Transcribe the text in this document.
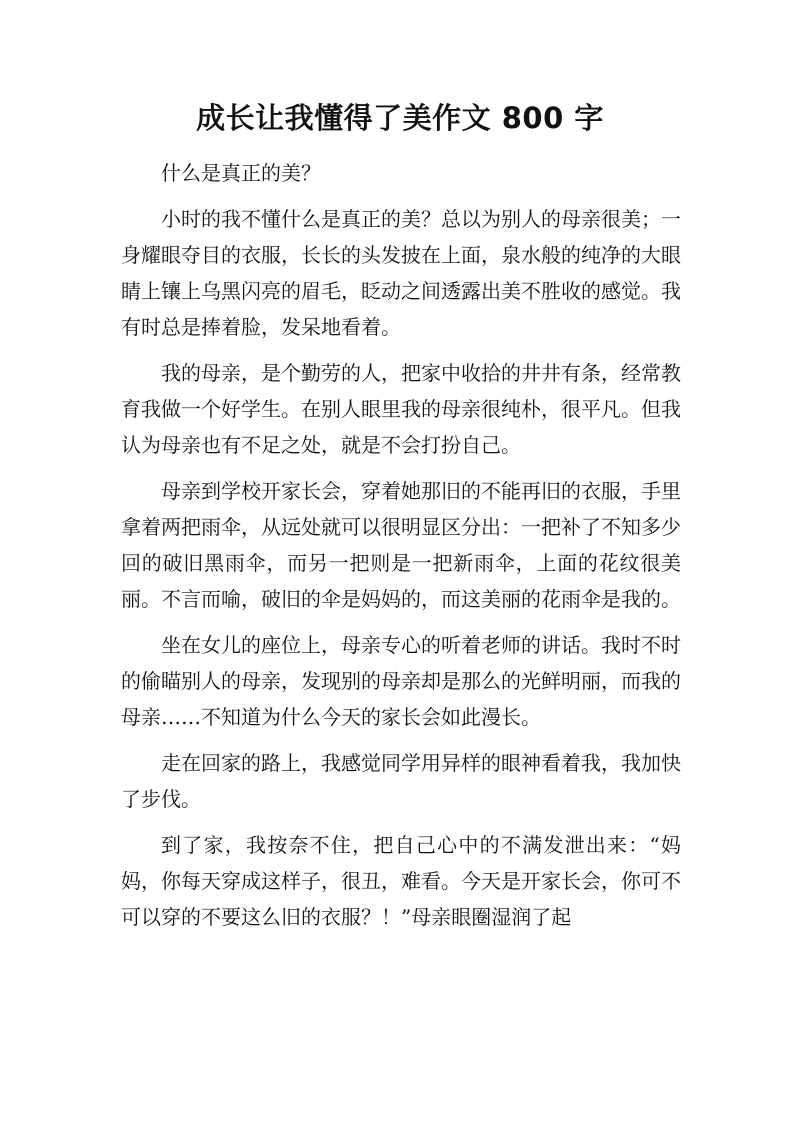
成长让我懂得了美作文 800 字

什么是真正的美？

小时的我不懂什么是真正的美？总以为别人的母亲很美；一身耀眼夺目的衣服，长长的头发披在上面，泉水般的纯净的大眼睛上镶上乌黑闪亮的眉毛，眨动之间透露出美不胜收的感觉。我有时总是捧着脸，发呆地看着。

我的母亲，是个勤劳的人，把家中收拾的井井有条，经常教育我做一个好学生。在别人眼里我的母亲很纯朴，很平凡。但我认为母亲也有不足之处，就是不会打扮自己。

母亲到学校开家长会，穿着她那旧的不能再旧的衣服，手里拿着两把雨伞，从远处就可以很明显区分出：一把补了不知多少回的破旧黑雨伞，而另一把则是一把新雨伞，上面的花纹很美丽。不言而喻，破旧的伞是妈妈的，而这美丽的花雨伞是我的。

坐在女儿的座位上，母亲专心的听着老师的讲话。我时不时的偷瞄别人的母亲，发现别的母亲却是那么的光鲜明丽，而我的母亲……不知道为什么今天的家长会如此漫长。

走在回家的路上，我感觉同学用异样的眼神看着我，我加快了步伐。

到了家，我按奈不住，把自己心中的不满发泄出来：“妈妈，你每天穿成这样子，很丑，难看。今天是开家长会，你可不可以穿的不要这么旧的衣服？！”母亲眼圈湿润了起
